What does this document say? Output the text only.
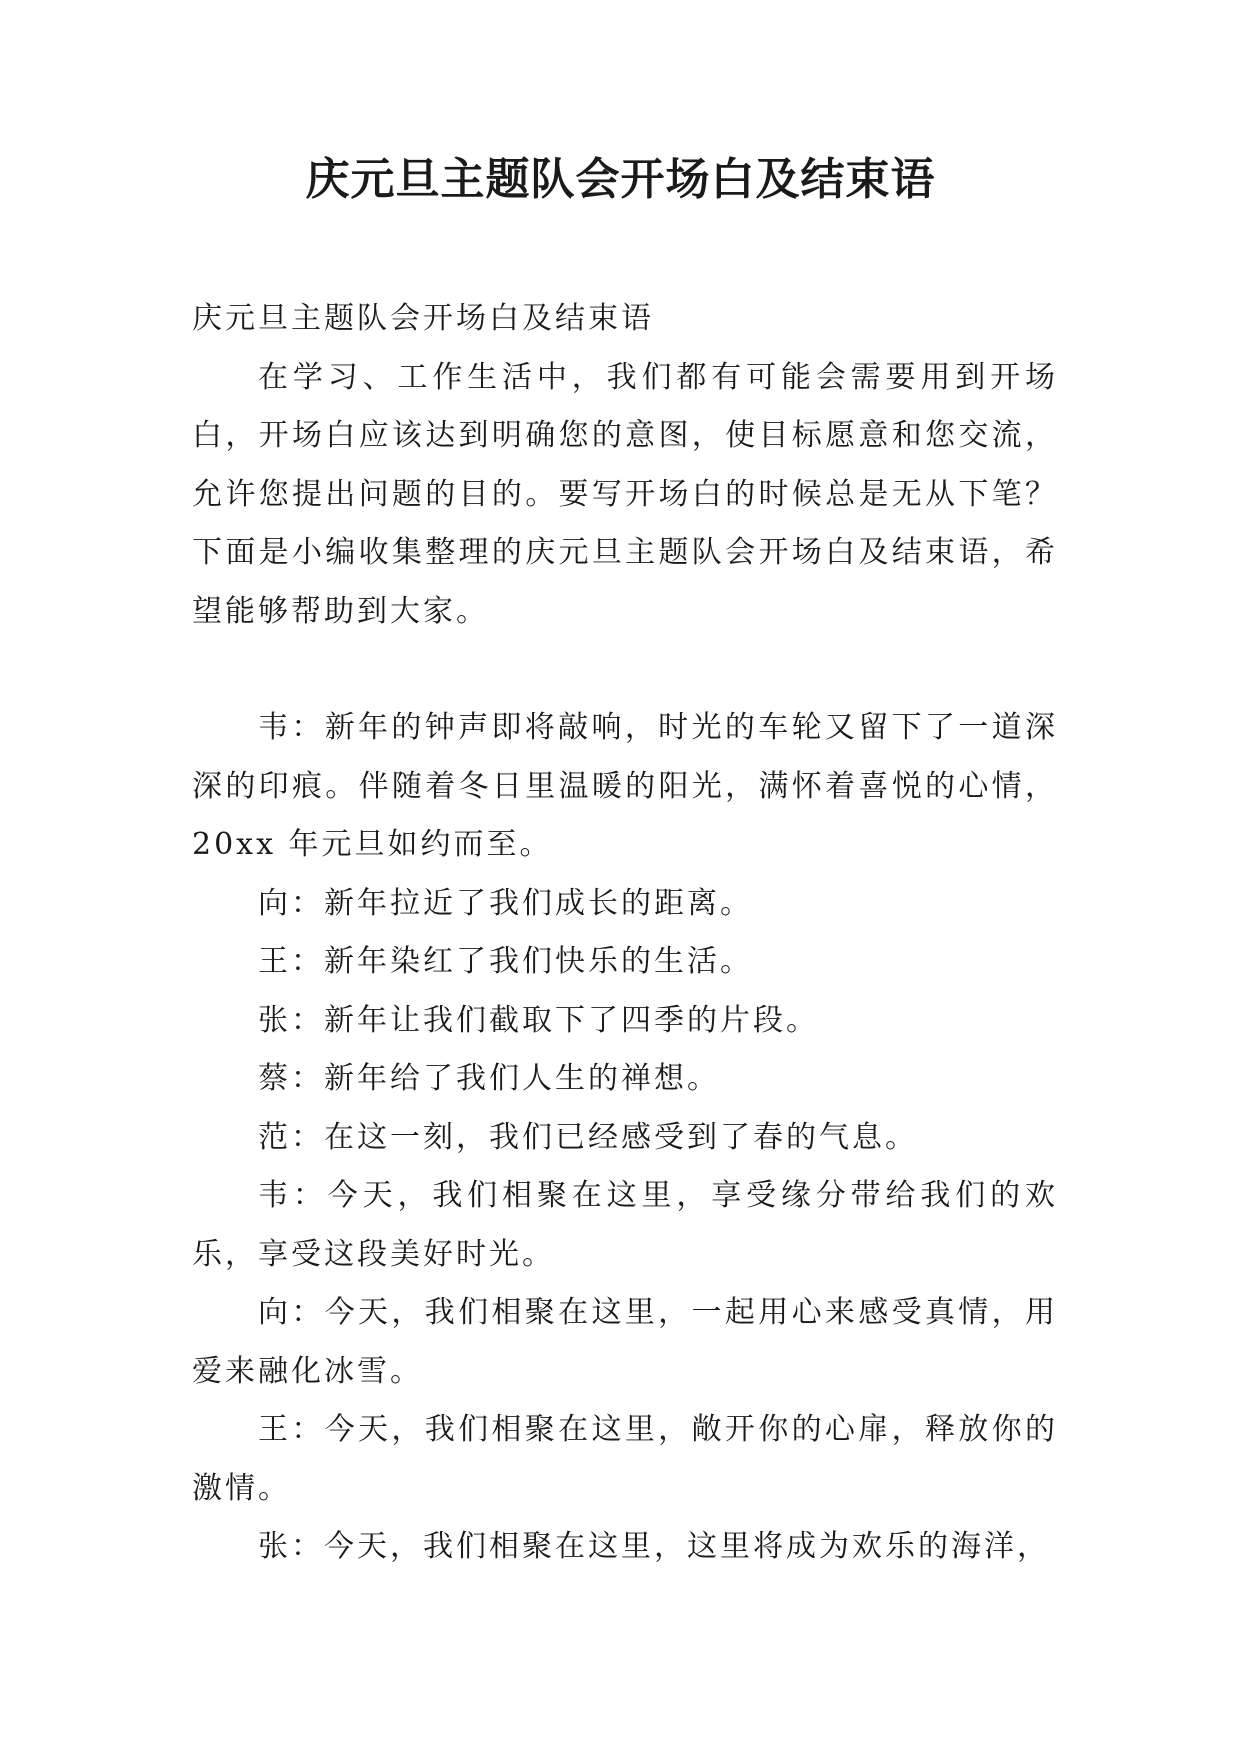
庆元旦主题队会开场白及结束语

庆元旦主题队会开场白及结束语

在学习、工作生活中，我们都有可能会需要用到开场白，开场白应该达到明确您的意图，使目标愿意和您交流，允许您提出问题的目的。要写开场白的时候总是无从下笔？下面是小编收集整理的庆元旦主题队会开场白及结束语，希望能够帮助到大家。

韦：新年的钟声即将敲响，时光的车轮又留下了一道深深的印痕。伴随着冬日里温暖的阳光，满怀着喜悦的心情，20xx 年元旦如约而至。

向：新年拉近了我们成长的距离。

王：新年染红了我们快乐的生活。

张：新年让我们截取下了四季的片段。

蔡：新年给了我们人生的禅想。

范：在这一刻，我们已经感受到了春的气息。

韦：今天，我们相聚在这里，享受缘分带给我们的欢乐，享受这段美好时光。

向：今天，我们相聚在这里，一起用心来感受真情，用爱来融化冰雪。

王：今天，我们相聚在这里，敞开你的心扉，释放你的激情。

张：今天，我们相聚在这里，这里将成为欢乐的海洋，
